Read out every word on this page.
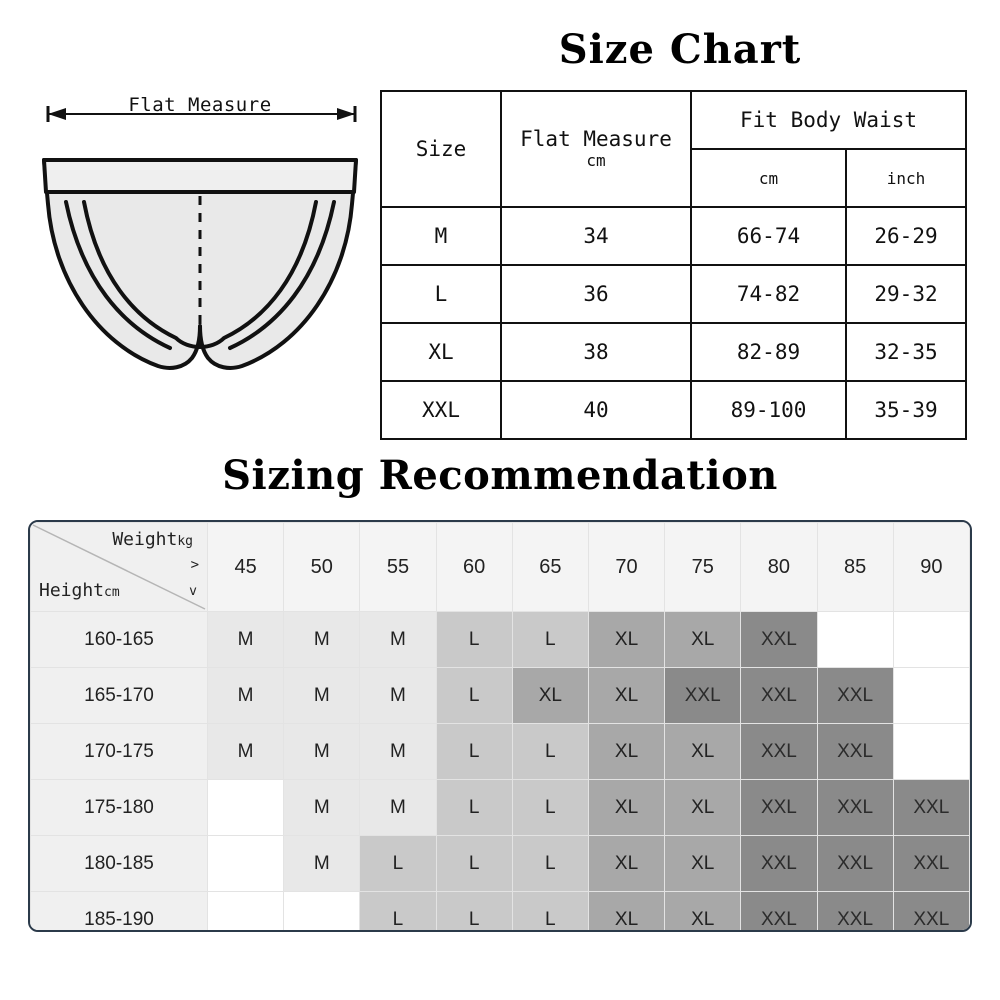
Flat Measure
Size Chart
Size	Flat Measure
cm	Fit Body Waist	
		cm	inch
M	34	66-74	26-29
L	36	74-82	29-32
XL	38	82-89	32-35
XXL	40	89-100	35-39
Sizing Recommendation
Weightkg
>
Heightcm v	45	50	55	60	65	70	75	80	85	90
160-165	M	M	M	L	L	XL	XL	XXL		
165-170	M	M	M	L	XL	XL	XXL	XXL	XXL	
170-175	M	M	M	L	L	XL	XL	XXL	XXL	
175-180		M	M	L	L	XL	XL	XXL	XXL	XXL
180-185		M	L	L	L	XL	XL	XXL	XXL	XXL
185-190			L	L	L	XL	XL	XXL	XXL	XXL
